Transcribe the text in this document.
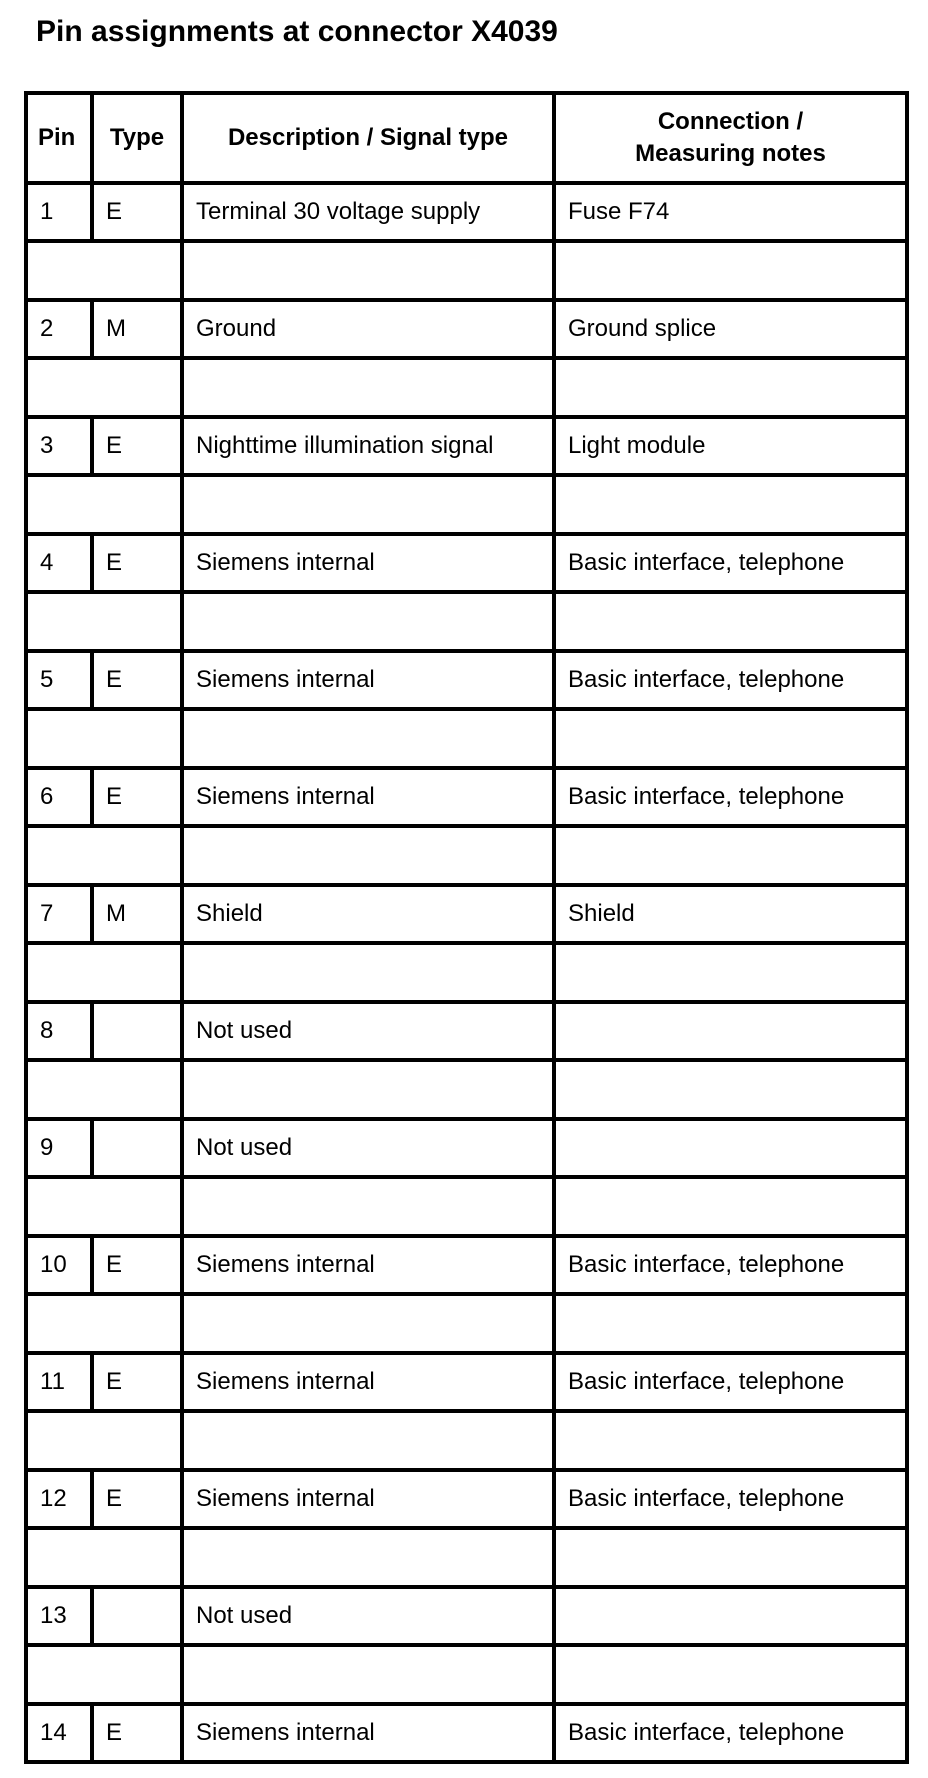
Pin assignments at connector X4039
Pin	Type	Description / Signal type	Connection /
Measuring notes
1	E	Terminal 30 voltage supply	Fuse F74

2	M	Ground	Ground splice

3	E	Nighttime illumination signal	Light module

4	E	Siemens internal	Basic interface, telephone

5	E	Siemens internal	Basic interface, telephone

6	E	Siemens internal	Basic interface, telephone

7	M	Shield	Shield

8		Not used	

9		Not used	

10	E	Siemens internal	Basic interface, telephone

11	E	Siemens internal	Basic interface, telephone

12	E	Siemens internal	Basic interface, telephone

13		Not used	

14	E	Siemens internal	Basic interface, telephone
